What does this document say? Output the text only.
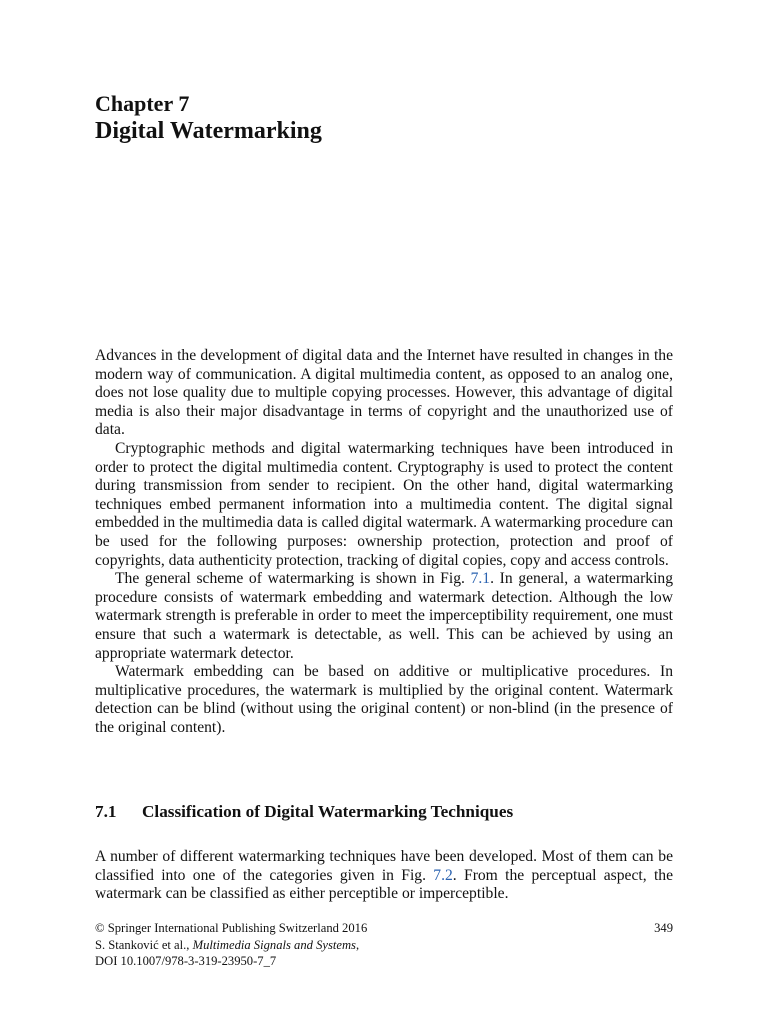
Chapter 7
Digital Watermarking

Advances in the development of digital data and the Internet have resulted in changes in the modern way of communication. A digital multimedia content, as opposed to an analog one, does not lose quality due to multiple copying processes. However, this advantage of digital media is also their major disadvantage in terms of copyright and the unauthorized use of data.

Cryptographic methods and digital watermarking techniques have been introduced in order to protect the digital multimedia content. Cryptography is used to protect the content during transmission from sender to recipient. On the other hand, digital watermarking techniques embed permanent information into a multimedia content. The digital signal embedded in the multimedia data is called digital watermark. A watermarking procedure can be used for the following purposes: ownership protection, protection and proof of copyrights, data authenticity protection, tracking of digital copies, copy and access controls.

The general scheme of watermarking is shown in Fig. 7.1. In general, a watermarking procedure consists of watermark embedding and watermark detection. Although the low watermark strength is preferable in order to meet the imperceptibility requirement, one must ensure that such a watermark is detectable, as well. This can be achieved by using an appropriate watermark detector.

Watermark embedding can be based on additive or multiplicative procedures. In multiplicative procedures, the watermark is multiplied by the original content. Watermark detection can be blind (without using the original content) or non-blind (in the presence of the original content).

7.1 Classification of Digital Watermarking Techniques

A number of different watermarking techniques have been developed. Most of them can be classified into one of the categories given in Fig. 7.2. From the perceptual aspect, the watermark can be classified as either perceptible or imperceptible.

© Springer International Publishing Switzerland 2016	349
S. Stanković et al., Multimedia Signals and Systems,
DOI 10.1007/978-3-319-23950-7_7
